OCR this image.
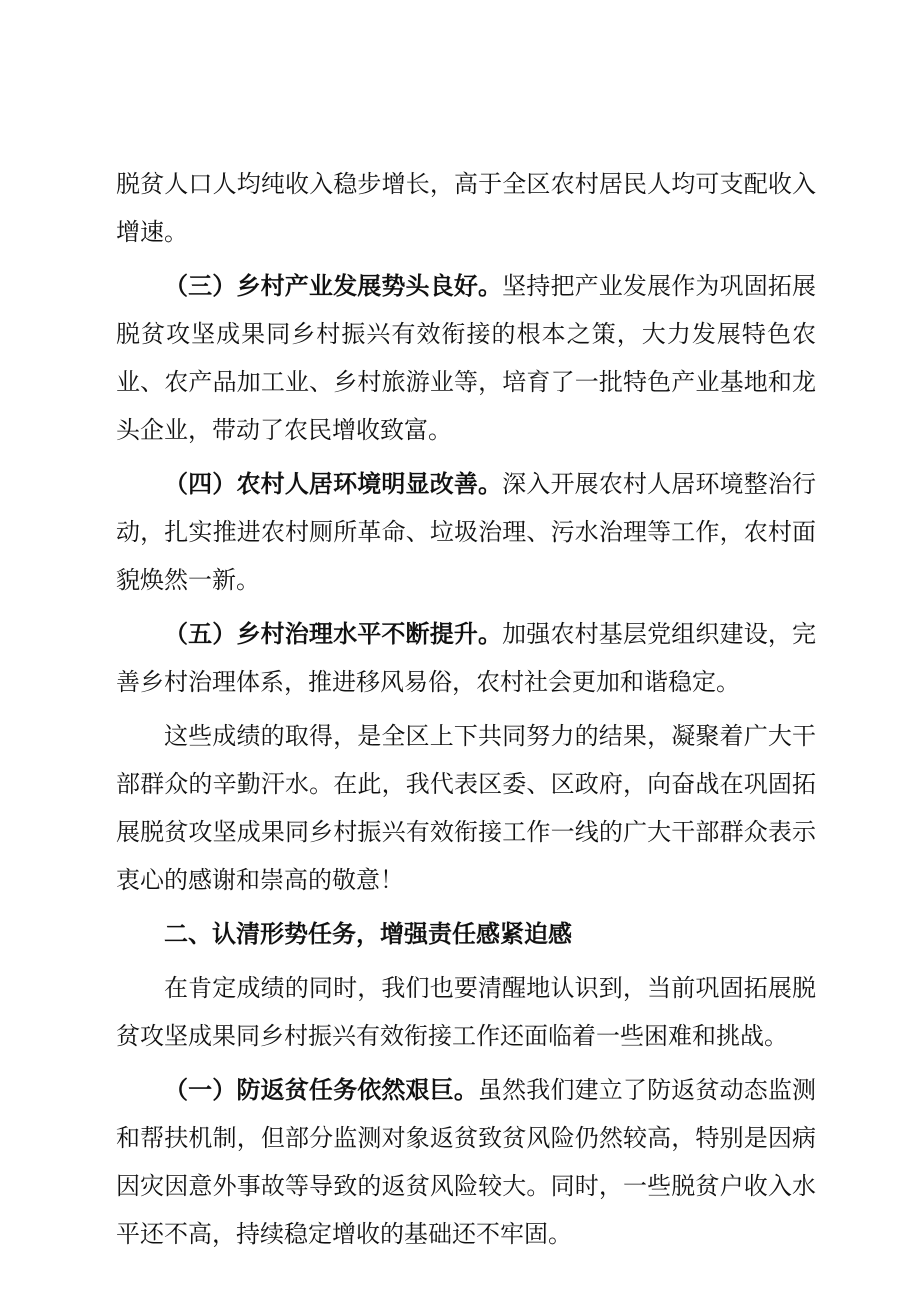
脱贫人口人均纯收入稳步增长，高于全区农村居民人均可支配收入增速。

（三）乡村产业发展势头良好。坚持把产业发展作为巩固拓展脱贫攻坚成果同乡村振兴有效衔接的根本之策，大力发展特色农业、农产品加工业、乡村旅游业等，培育了一批特色产业基地和龙头企业，带动了农民增收致富。

（四）农村人居环境明显改善。深入开展农村人居环境整治行动，扎实推进农村厕所革命、垃圾治理、污水治理等工作，农村面貌焕然一新。

（五）乡村治理水平不断提升。加强农村基层党组织建设，完善乡村治理体系，推进移风易俗，农村社会更加和谐稳定。

这些成绩的取得，是全区上下共同努力的结果，凝聚着广大干部群众的辛勤汗水。在此，我代表区委、区政府，向奋战在巩固拓展脱贫攻坚成果同乡村振兴有效衔接工作一线的广大干部群众表示衷心的感谢和崇高的敬意！

二、认清形势任务，增强责任感紧迫感

在肯定成绩的同时，我们也要清醒地认识到，当前巩固拓展脱贫攻坚成果同乡村振兴有效衔接工作还面临着一些困难和挑战。

（一）防返贫任务依然艰巨。虽然我们建立了防返贫动态监测和帮扶机制，但部分监测对象返贫致贫风险仍然较高，特别是因病因灾因意外事故等导致的返贫风险较大。同时，一些脱贫户收入水平还不高，持续稳定增收的基础还不牢固。
